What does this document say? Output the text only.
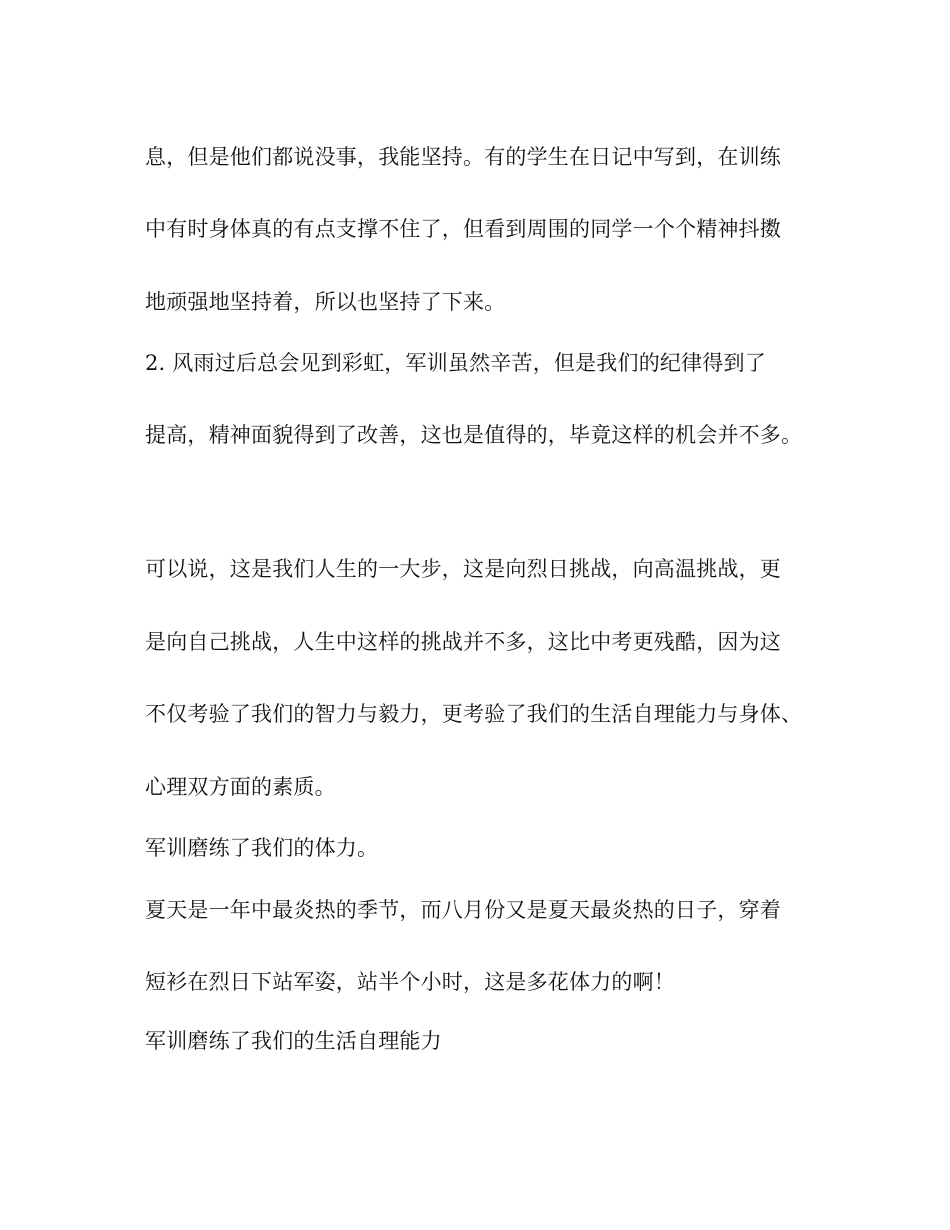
息，但是他们都说没事，我能坚持。有的学生在日记中写到，在训练

中有时身体真的有点支撑不住了，但看到周围的同学一个个精神抖擞

地顽强地坚持着，所以也坚持了下来。

2. 风雨过后总会见到彩虹，军训虽然辛苦，但是我们的纪律得到了

提高，精神面貌得到了改善，这也是值得的，毕竟这样的机会并不多。

可以说，这是我们人生的一大步，这是向烈日挑战，向高温挑战，更

是向自己挑战，人生中这样的挑战并不多，这比中考更残酷，因为这

不仅考验了我们的智力与毅力，更考验了我们的生活自理能力与身体、

心理双方面的素质。

军训磨练了我们的体力。

夏天是一年中最炎热的季节，而八月份又是夏天最炎热的日子，穿着

短衫在烈日下站军姿，站半个小时，这是多花体力的啊！

军训磨练了我们的生活自理能力
